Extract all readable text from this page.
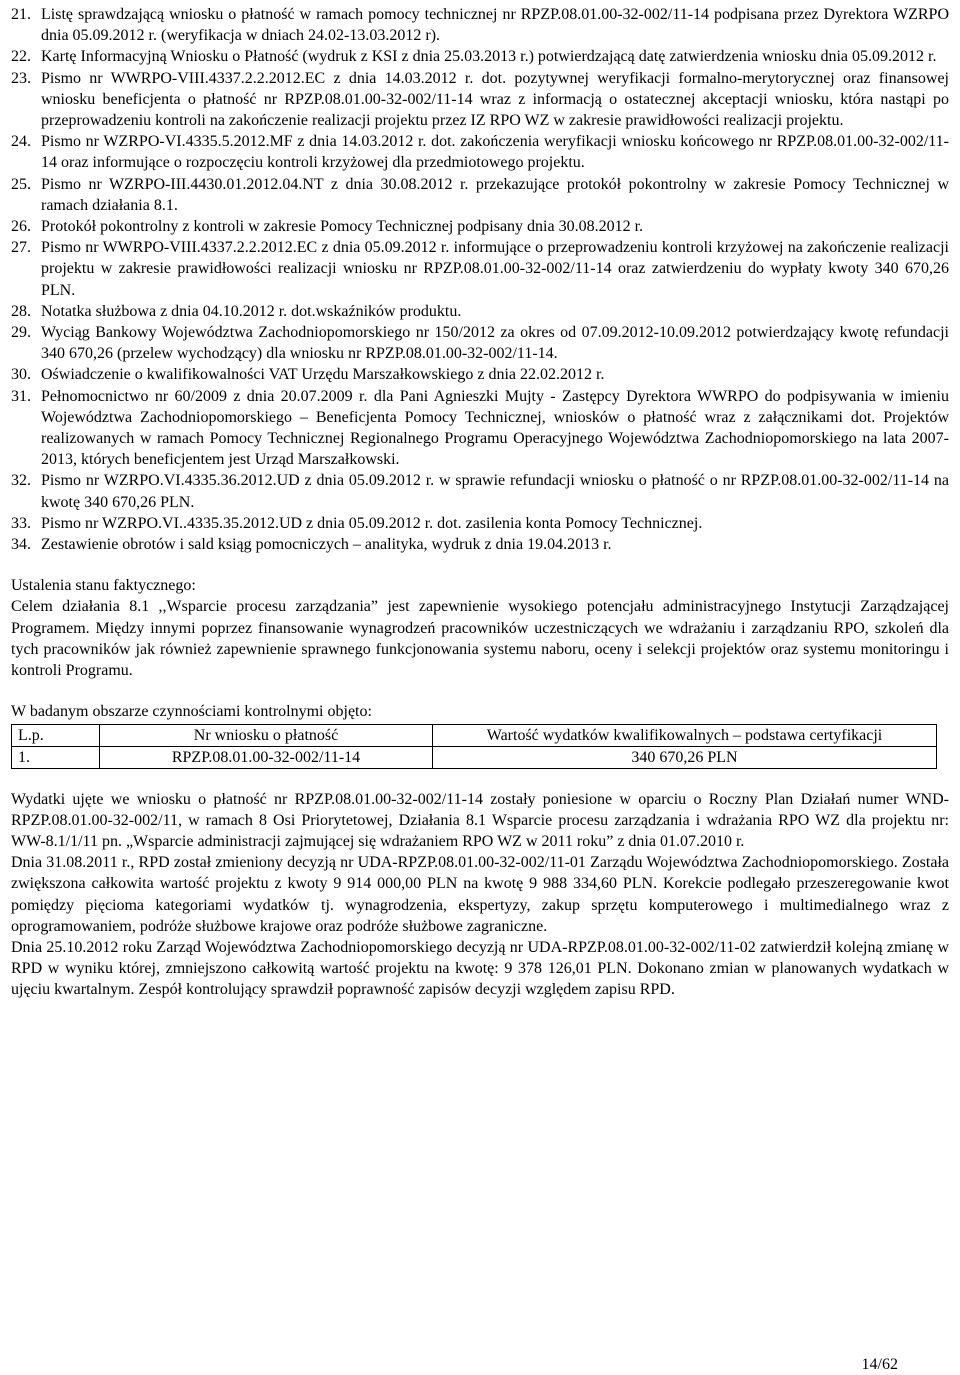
21. Listę sprawdzającą wniosku o płatność w ramach pomocy technicznej nr RPZP.08.01.00-32-002/11-14 podpisana przez Dyrektora WZRPO dnia 05.09.2012 r. (weryfikacja w dniach 24.02-13.03.2012 r).
22. Kartę Informacyjną Wniosku o Płatność (wydruk z KSI z dnia 25.03.2013 r.) potwierdzającą datę zatwierdzenia wniosku dnia 05.09.2012 r.
23. Pismo nr WWRPO-VIII.4337.2.2.2012.EC z dnia 14.03.2012 r. dot. pozytywnej weryfikacji formalno-merytorycznej oraz finansowej wniosku beneficjenta o płatność nr RPZP.08.01.00-32-002/11-14 wraz z informacją o ostatecznej akceptacji wniosku, która nastąpi po przeprowadzeniu kontroli na zakończenie realizacji projektu przez IZ RPO WZ w zakresie prawidłowości realizacji projektu.
24. Pismo nr WZRPO-VI.4335.5.2012.MF z dnia 14.03.2012 r. dot. zakończenia weryfikacji wniosku końcowego nr RPZP.08.01.00-32-002/11-14 oraz informujące o rozpoczęciu kontroli krzyżowej dla przedmiotowego projektu.
25. Pismo nr WZRPO-III.4430.01.2012.04.NT z dnia 30.08.2012 r. przekazujące protokół pokontrolny w zakresie Pomocy Technicznej w ramach działania 8.1.
26. Protokół pokontrolny z kontroli w zakresie Pomocy Technicznej podpisany dnia 30.08.2012 r.
27. Pismo nr WWRPO-VIII.4337.2.2.2012.EC z dnia 05.09.2012 r. informujące o przeprowadzeniu kontroli krzyżowej na zakończenie realizacji projektu w zakresie prawidłowości realizacji wniosku nr RPZP.08.01.00-32-002/11-14 oraz zatwierdzeniu do wypłaty kwoty 340 670,26 PLN.
28. Notatka służbowa z dnia 04.10.2012 r. dot.wskaźników produktu.
29. Wyciąg Bankowy Województwa Zachodniopomorskiego nr 150/2012 za okres od 07.09.2012-10.09.2012 potwierdzający kwotę refundacji 340 670,26 (przelew wychodzący) dla wniosku nr RPZP.08.01.00-32-002/11-14.
30. Oświadczenie o kwalifikowalności VAT Urzędu Marszałkowskiego z dnia 22.02.2012 r.
31. Pełnomocnictwo nr 60/2009 z dnia 20.07.2009 r. dla Pani Agnieszki Mujty - Zastępcy Dyrektora WWRPO do podpisywania w imieniu Województwa Zachodniopomorskiego – Beneficjenta Pomocy Technicznej, wniosków o płatność wraz z załącznikami dot. Projektów realizowanych w ramach Pomocy Technicznej Regionalnego Programu Operacyjnego Województwa Zachodniopomorskiego na lata 2007-2013, których beneficjentem jest Urząd Marszałkowski.
32. Pismo nr WZRPO.VI.4335.36.2012.UD z dnia 05.09.2012 r. w sprawie refundacji wniosku o płatność o nr RPZP.08.01.00-32-002/11-14 na kwotę 340 670,26 PLN.
33. Pismo nr WZRPO.VI..4335.35.2012.UD z dnia 05.09.2012 r. dot. zasilenia konta Pomocy Technicznej.
34. Zestawienie obrotów i sald ksiąg pomocniczych – analityka, wydruk z dnia 19.04.2013 r.

Ustalenia stanu faktycznego:

Celem działania 8.1 ,,Wsparcie procesu zarządzania” jest zapewnienie wysokiego potencjału administracyjnego Instytucji Zarządzającej Programem. Między innymi poprzez finansowanie wynagrodzeń pracowników uczestniczących we wdrażaniu i zarządzaniu RPO, szkoleń dla tych pracowników jak również zapewnienie sprawnego funkcjonowania systemu naboru, oceny i selekcji projektów oraz systemu monitoringu i kontroli Programu.

W badanym obszarze czynnościami kontrolnymi objęto:

L.p.	Nr wniosku o płatność	Wartość wydatków kwalifikowalnych – podstawa certyfikacji
1.	RPZP.08.01.00-32-002/11-14	340 670,26 PLN

Wydatki ujęte we wniosku o płatność nr RPZP.08.01.00-32-002/11-14 zostały poniesione w oparciu o Roczny Plan Działań numer WND-RPZP.08.01.00-32-002/11, w ramach 8 Osi Priorytetowej, Działania 8.1 Wsparcie procesu zarządzania i wdrażania RPO WZ dla projektu nr: WW-8.1/1/11 pn. „Wsparcie administracji zajmującej się wdrażaniem RPO WZ w 2011 roku” z dnia 01.07.2010 r.

Dnia 31.08.2011 r., RPD został zmieniony decyzją nr UDA-RPZP.08.01.00-32-002/11-01 Zarządu Województwa Zachodniopomorskiego. Została zwiększona całkowita wartość projektu z kwoty 9 914 000,00 PLN na kwotę 9 988 334,60 PLN. Korekcie podlegało przeszeregowanie kwot pomiędzy pięcioma kategoriami wydatków tj. wynagrodzenia, ekspertyzy, zakup sprzętu komputerowego i multimedialnego wraz z oprogramowaniem, podróże służbowe krajowe oraz podróże służbowe zagraniczne.

Dnia 25.10.2012 roku Zarząd Województwa Zachodniopomorskiego decyzją nr UDA-RPZP.08.01.00-32-002/11-02 zatwierdził kolejną zmianę w RPD w wyniku której, zmniejszono całkowitą wartość projektu na kwotę: 9 378 126,01 PLN. Dokonano zmian w planowanych wydatkach w ujęciu kwartalnym. Zespół kontrolujący sprawdził poprawność zapisów decyzji względem zapisu RPD.

14/62
